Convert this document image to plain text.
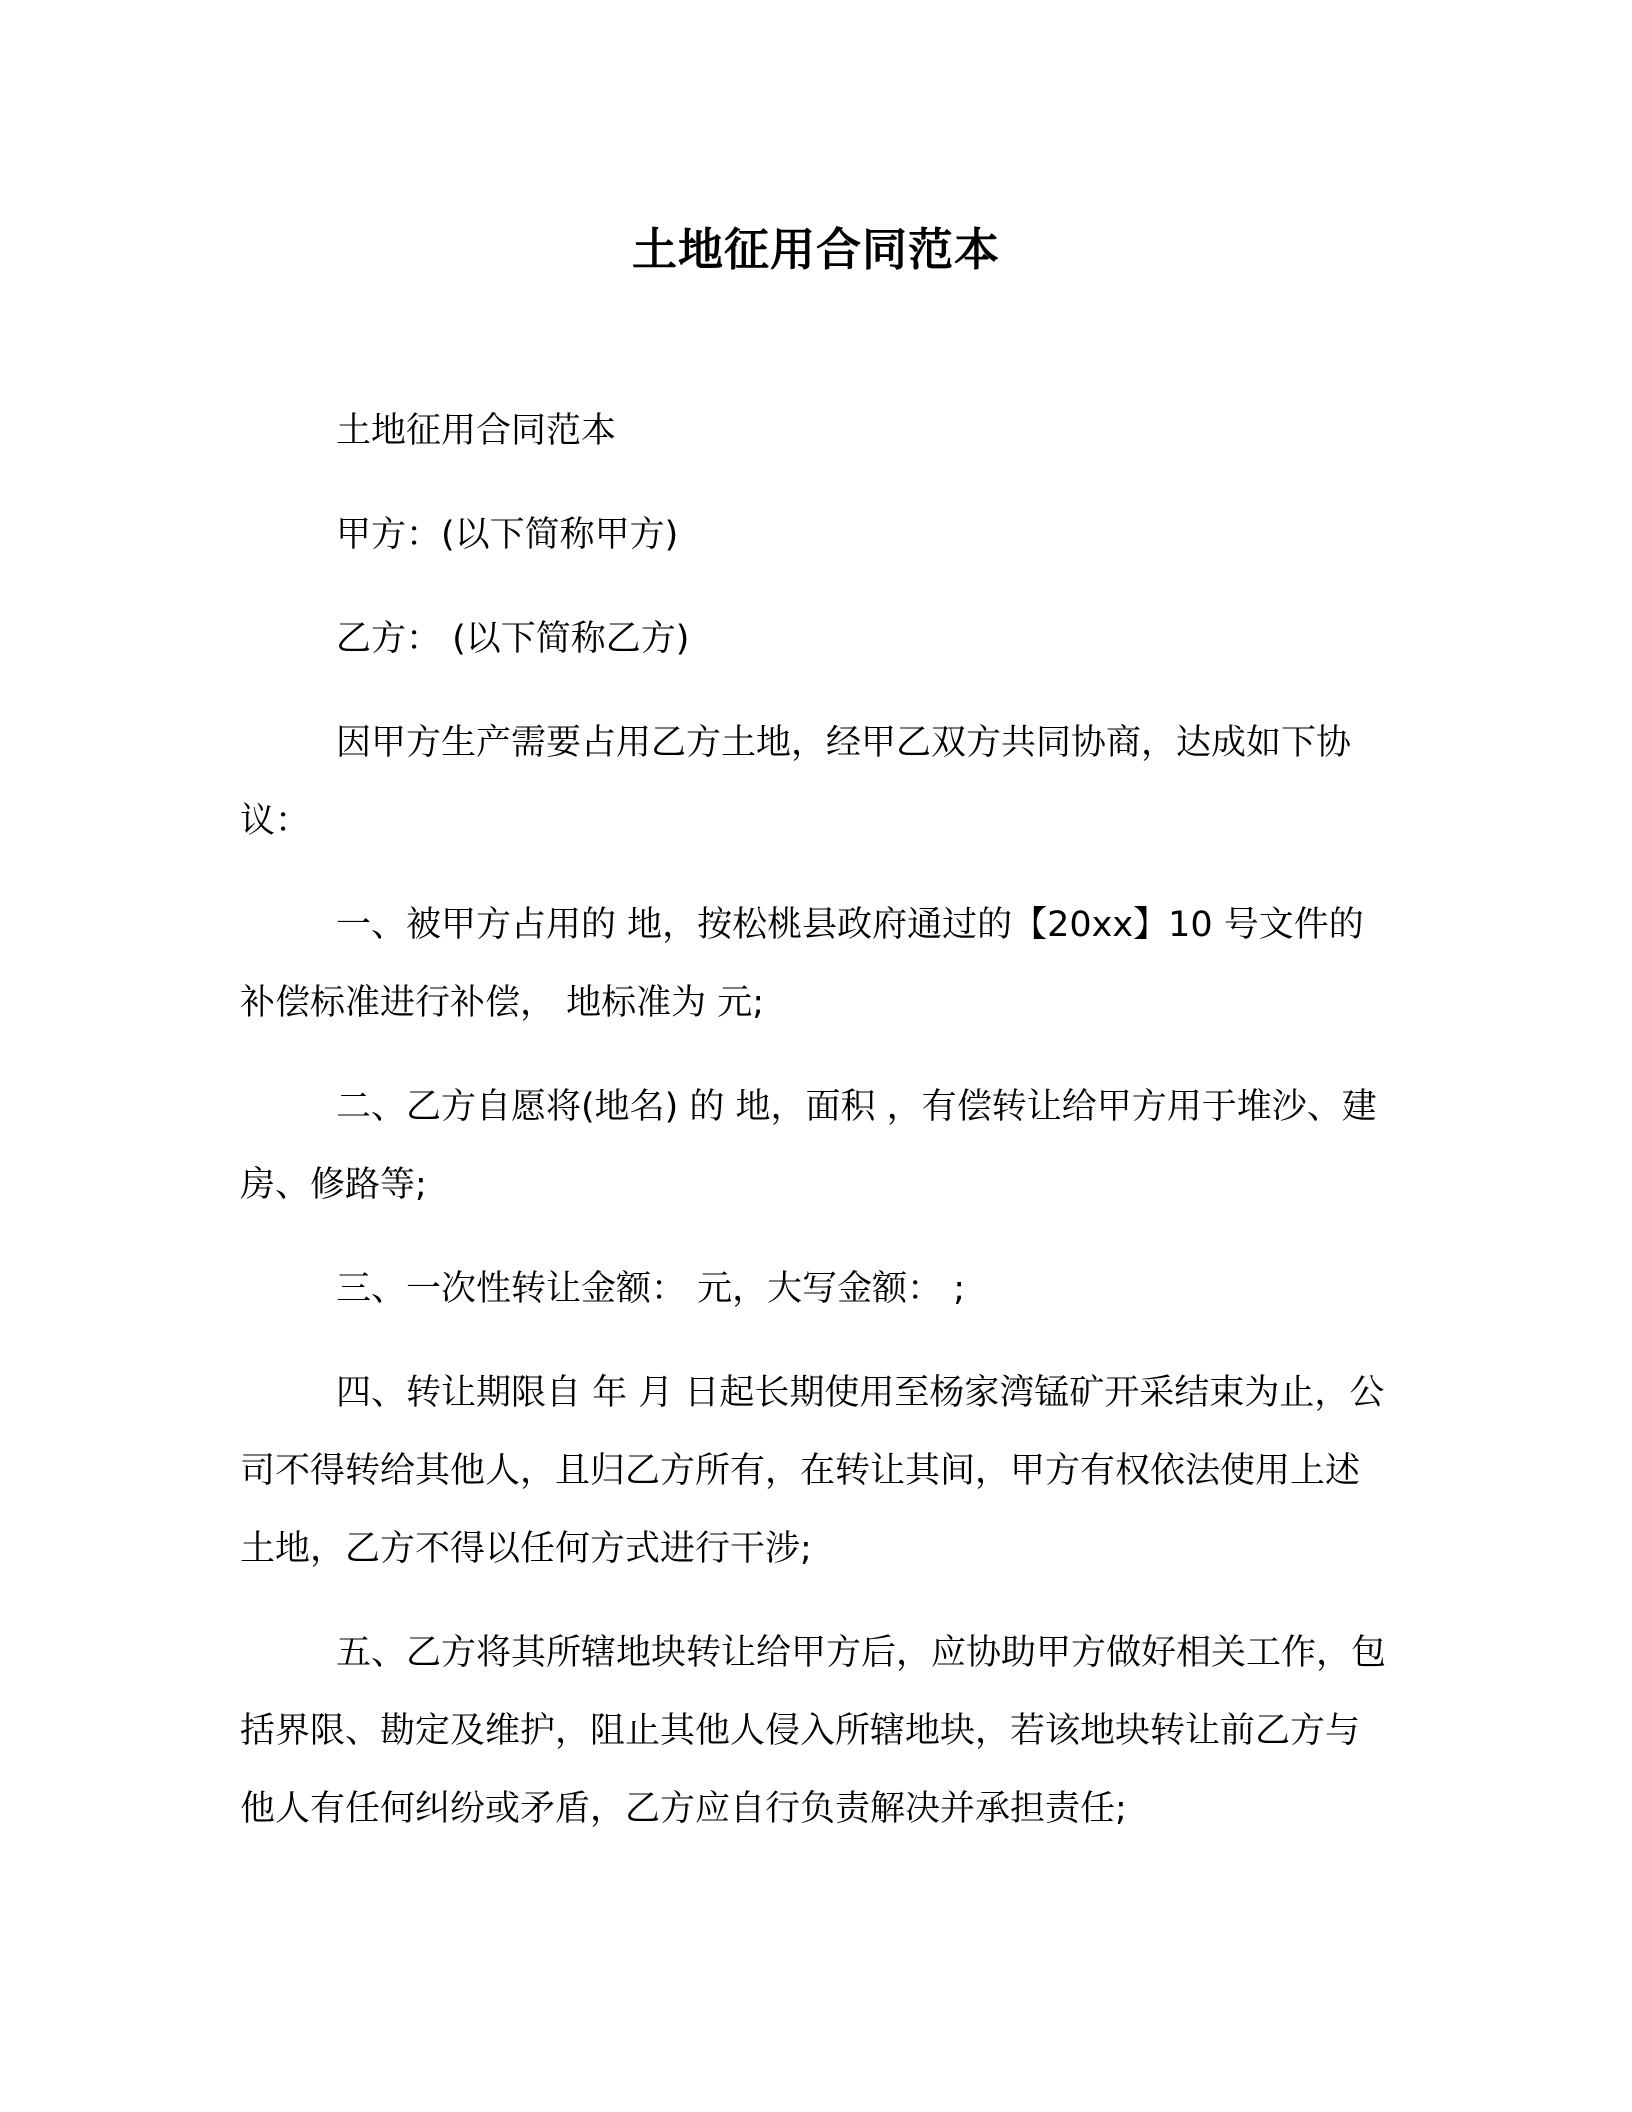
土地征用合同范本

土地征用合同范本

甲方：(以下简称甲方)

乙方： (以下简称乙方)

因甲方生产需要占用乙方土地，经甲乙双方共同协商，达成如下协议：

一、被甲方占用的 地，按松桃县政府通过的【20xx】10 号文件的补偿标准进行补偿， 地标准为 元;

二、乙方自愿将(地名) 的 地，面积 ，有偿转让给甲方用于堆沙、建房、修路等;

三、一次性转让金额： 元，大写金额： ;

四、转让期限自 年 月 日起长期使用至杨家湾锰矿开采结束为止，公司不得转给其他人，且归乙方所有，在转让其间，甲方有权依法使用上述土地，乙方不得以任何方式进行干涉;

五、乙方将其所辖地块转让给甲方后，应协助甲方做好相关工作，包括界限、勘定及维护，阻止其他人侵入所辖地块，若该地块转让前乙方与他人有任何纠纷或矛盾，乙方应自行负责解决并承担责任;
